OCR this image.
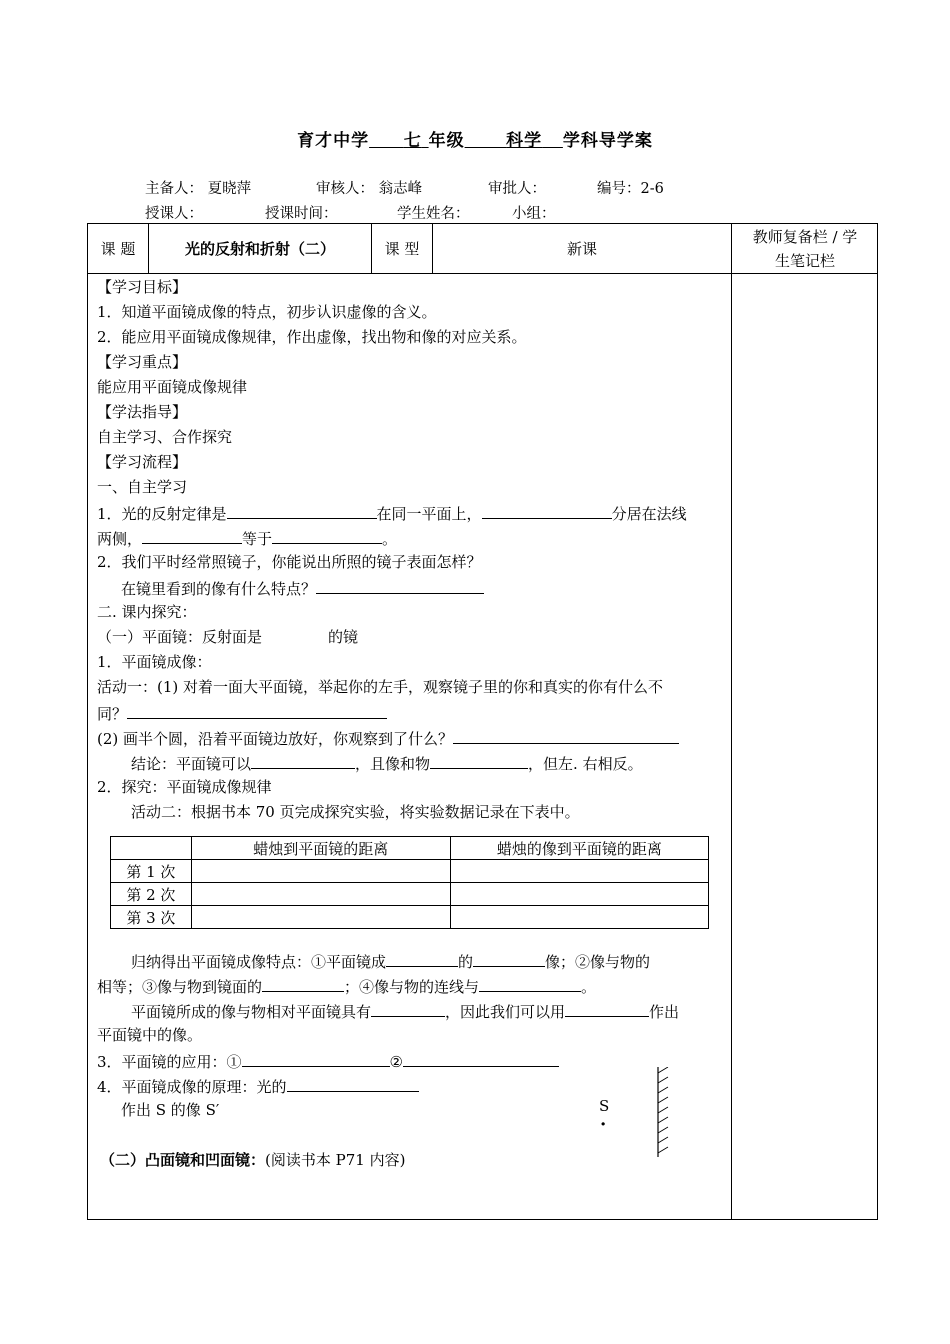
育才中学 七 年级 科学 学科导学案
主备人： 夏晓萍	审核人： 翁志峰	审批人：	编号：2-6
授课人：	授课时间：	学生姓名：	小组：
课 题	光的反射和折射（二）	课 型	新课
教师复备栏 / 学
生笔记栏
【学习目标】
1．知道平面镜成像的特点，初步认识虚像的含义。
2．能应用平面镜成像规律，作出虚像，找出物和像的对应关系。
【学习重点】
能应用平面镜成像规律
【学法指导】
自主学习、合作探究
【学习流程】
一、自主学习
1．光的反射定律是	在同一平面上，	分居在法线
两侧，	等于	。
2．我们平时经常照镜子，你能说出所照的镜子表面怎样？
在镜里看到的像有什么特点？
二. 课内探究：
（一）平面镜：反射面是	的镜
1．平面镜成像：
活动一：(1) 对着一面大平面镜，举起你的左手，观察镜子里的你和真实的你有什么不
同？
(2) 画半个圆，沿着平面镜边放好，你观察到了什么？
结论：平面镜可以	，且像和物	，但左. 右相反。
2．探究：平面镜成像规律
活动二：根据书本 70 页完成探究实验，将实验数据记录在下表中。
	蜡烛到平面镜的距离	蜡烛的像到平面镜的距离
第 1 次		
第 2 次		
第 3 次		
归纳得出平面镜成像特点：①平面镜成	的	像；②像与物的
相等；③像与物到镜面的	；④像与物的连线与	。
平面镜所成的像与物相对平面镜具有	，因此我们可以用	作出
平面镜中的像。
3．平面镜的应用：①	②
4．平面镜成像的原理：光的
作出 S 的像 S′	S
·
（二）凸面镜和凹面镜：(阅读书本 P71 内容)
